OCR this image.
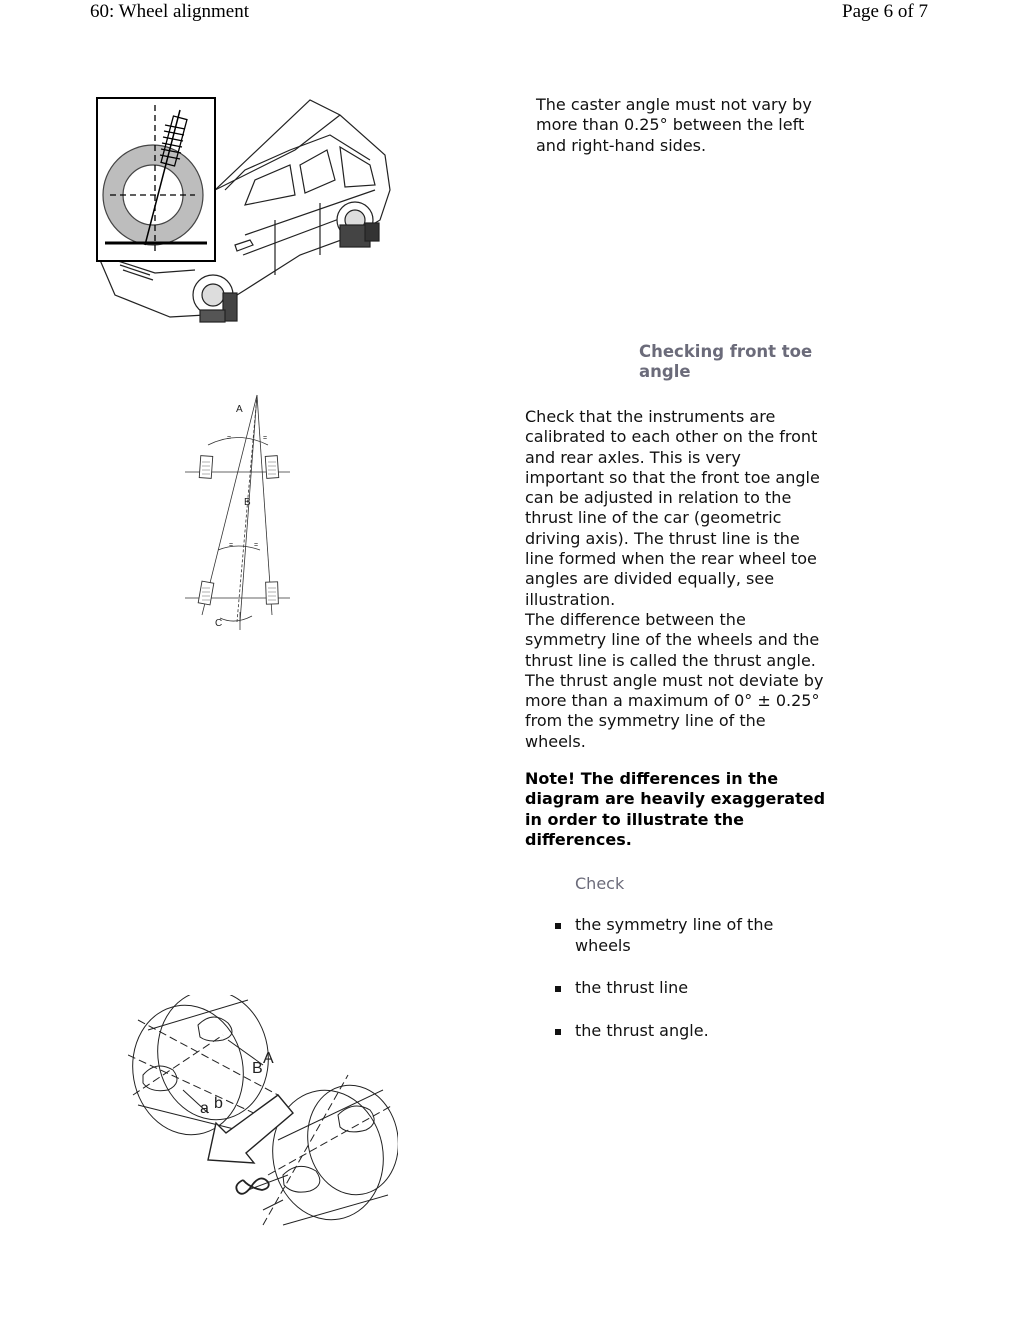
60: Wheel alignment	Page 6 of 7
The caster angle must not vary by
more than 0.25° between the left
and right-hand sides.
Checking front toe
angle
A
B
C
=	=
=	=
Check that the instruments are
calibrated to each other on the front
and rear axles. This is very
important so that the front toe angle
can be adjusted in relation to the
thrust line of the car (geometric
driving axis). The thrust line is the
line formed when the rear wheel toe
angles are divided equally, see
illustration.
The difference between the
symmetry line of the wheels and the
thrust line is called the thrust angle.
The thrust angle must not deviate by
more than a maximum of 0° ± 0.25°
from the symmetry line of the
wheels.
Note! The differences in the
diagram are heavily exaggerated
in order to illustrate the
differences.
Check

the symmetry line of the
wheels

the thrust line

the thrust angle.

A
B
a b
